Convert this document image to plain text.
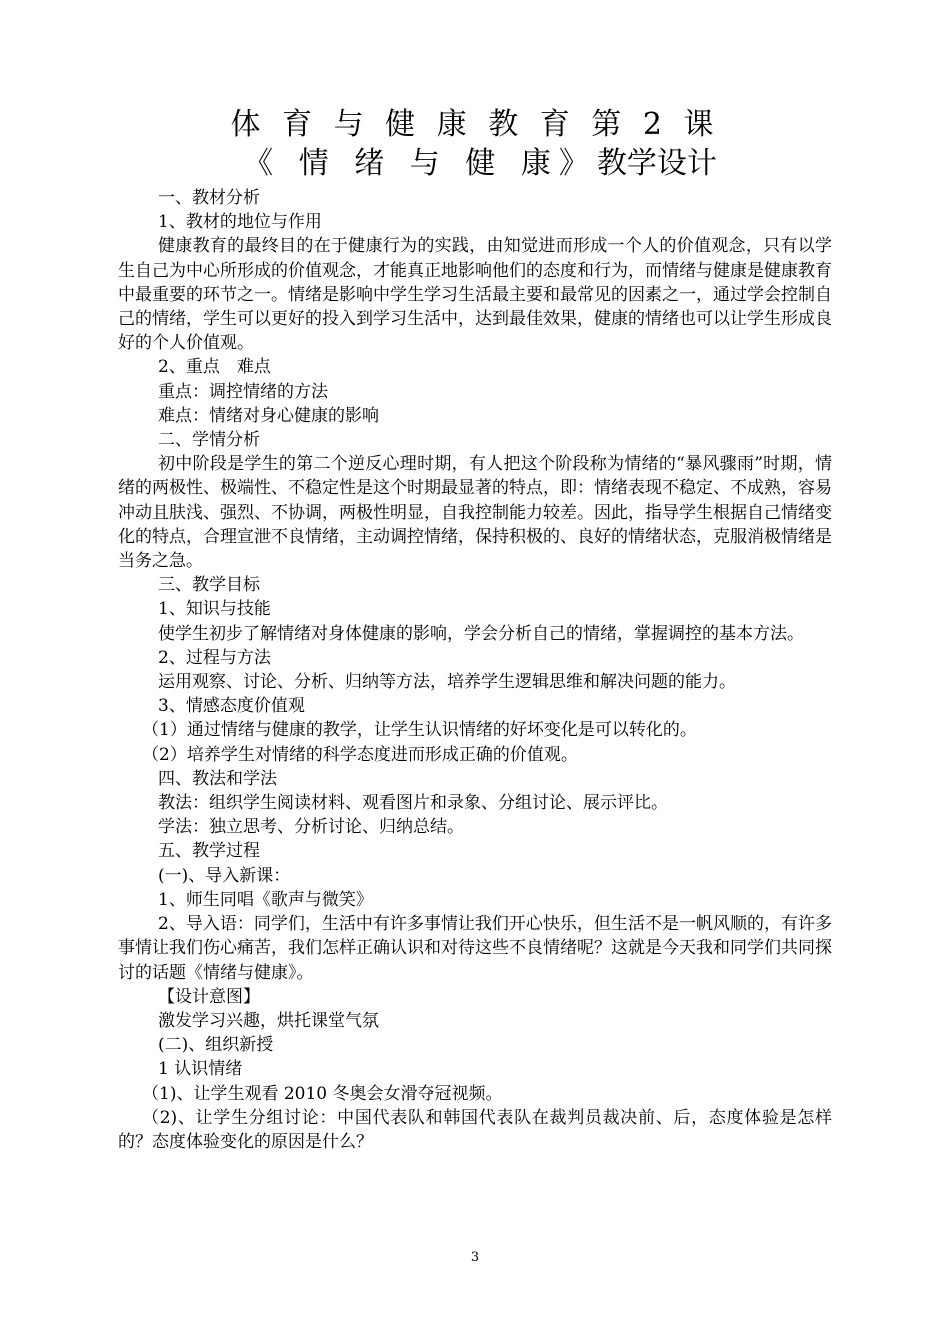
体 育 与 健 康 教 育 第 2 课
《 情 绪 与 健 康》教学设计

一、教材分析

1、教材的地位与作用

健康教育的最终目的在于健康行为的实践，由知觉进而形成一个人的价值观念，只有以学生自己为中心所形成的价值观念，才能真正地影响他们的态度和行为，而情绪与健康是健康教育中最重要的环节之一。情绪是影响中学生学习生活最主要和最常见的因素之一，通过学会控制自己的情绪，学生可以更好的投入到学习生活中，达到最佳效果，健康的情绪也可以让学生形成良好的个人价值观。

2、重点　难点

重点：调控情绪的方法

难点：情绪对身心健康的影响

二、学情分析

初中阶段是学生的第二个逆反心理时期，有人把这个阶段称为情绪的“暴风骤雨”时期，情绪的两极性、极端性、不稳定性是这个时期最显著的特点，即：情绪表现不稳定、不成熟，容易冲动且肤浅、强烈、不协调，两极性明显，自我控制能力较差。因此，指导学生根据自己情绪变化的特点，合理宣泄不良情绪，主动调控情绪，保持积极的、良好的情绪状态，克服消极情绪是当务之急。

三、教学目标

1、知识与技能

使学生初步了解情绪对身体健康的影响，学会分析自己的情绪，掌握调控的基本方法。

2、过程与方法

运用观察、讨论、分析、归纳等方法，培养学生逻辑思维和解决问题的能力。

3、情感态度价值观

（1）通过情绪与健康的教学，让学生认识情绪的好坏变化是可以转化的。

（2）培养学生对情绪的科学态度进而形成正确的价值观。

四、教法和学法

教法：组织学生阅读材料、观看图片和录象、分组讨论、展示评比。

学法：独立思考、分析讨论、归纳总结。

五、教学过程

(一)、导入新课：

1、师生同唱《歌声与微笑》

2、导入语：同学们，生活中有许多事情让我们开心快乐，但生活不是一帆风顺的，有许多事情让我们伤心痛苦，我们怎样正确认识和对待这些不良情绪呢？这就是今天我和同学们共同探讨的话题《情绪与健康》。

【设计意图】

激发学习兴趣，烘托课堂气氛

(二)、组织新授

1 认识情绪

（1)、让学生观看 2010 冬奥会女滑夺冠视频。

（2)、让学生分组讨论：中国代表队和韩国代表队在裁判员裁决前、后，态度体验是怎样的？态度体验变化的原因是什么？

3
